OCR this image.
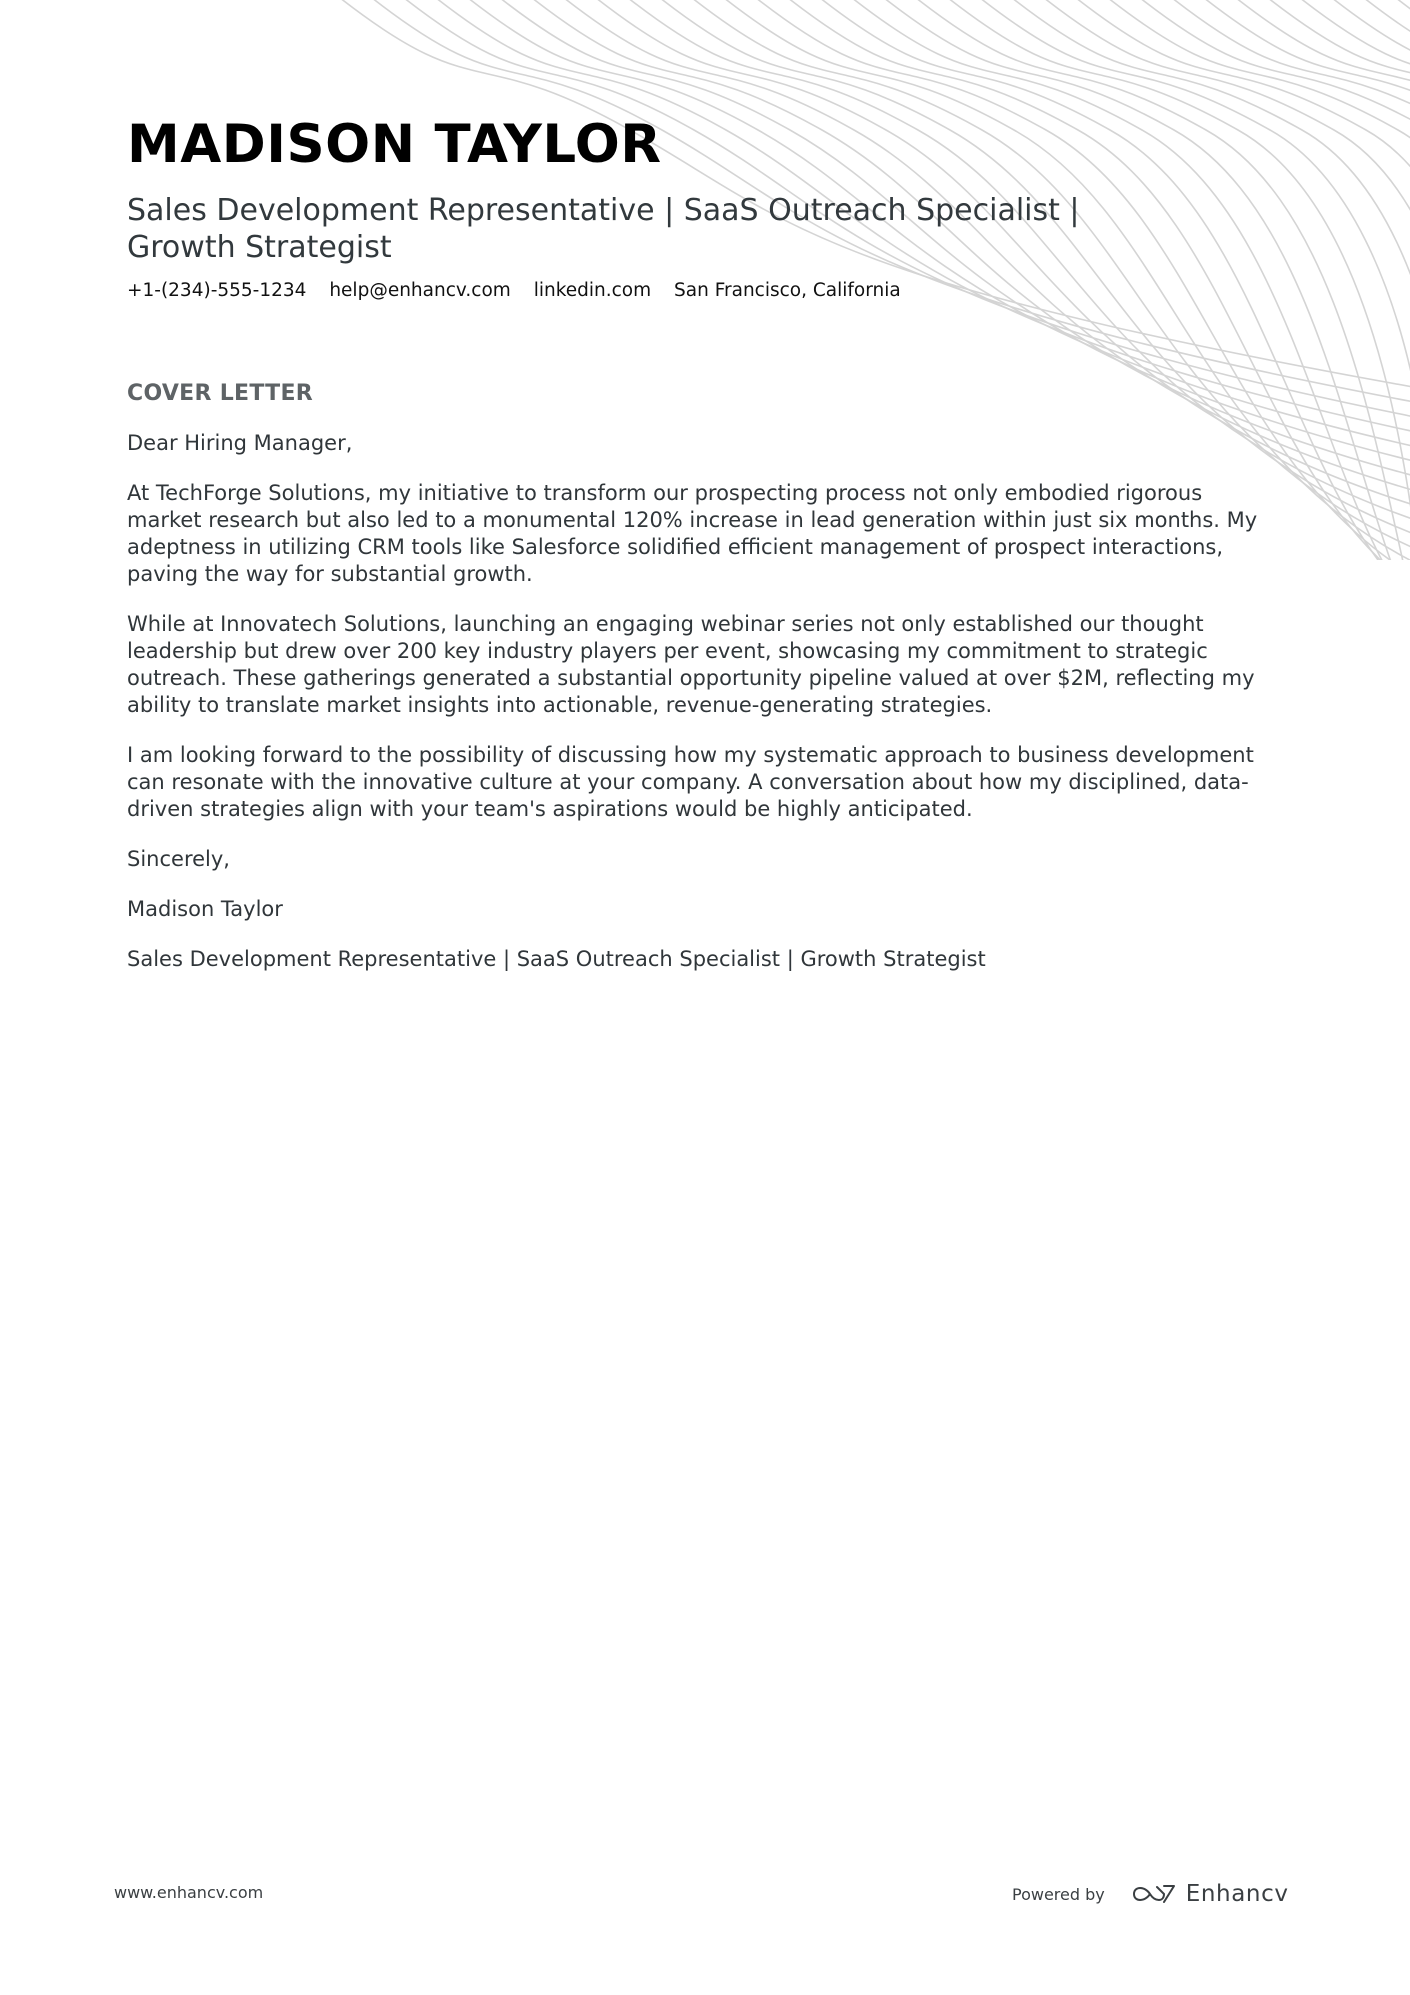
MADISON TAYLOR
Sales Development Representative | SaaS Outreach Specialist | Growth Strategist
+1-(234)-555-1234 help@enhancv.com linkedin.com San Francisco, California
COVER LETTER

Dear Hiring Manager,

At TechForge Solutions, my initiative to transform our prospecting process not only embodied rigorous market research but also led to a monumental 120% increase in lead generation within just six months. My adeptness in utilizing CRM tools like Salesforce solidified efficient management of prospect interactions, paving the way for substantial growth.

While at Innovatech Solutions, launching an engaging webinar series not only established our thought leadership but drew over 200 key industry players per event, showcasing my commitment to strategic outreach. These gatherings generated a substantial opportunity pipeline valued at over $2M, reflecting my ability to translate market insights into actionable, revenue-generating strategies.

I am looking forward to the possibility of discussing how my systematic approach to business development can resonate with the innovative culture at your company. A conversation about how my disciplined, data-driven strategies align with your team's aspirations would be highly anticipated.

Sincerely,

Madison Taylor

Sales Development Representative | SaaS Outreach Specialist | Growth Strategist

www.enhancv.com	Powered by	Enhancv
